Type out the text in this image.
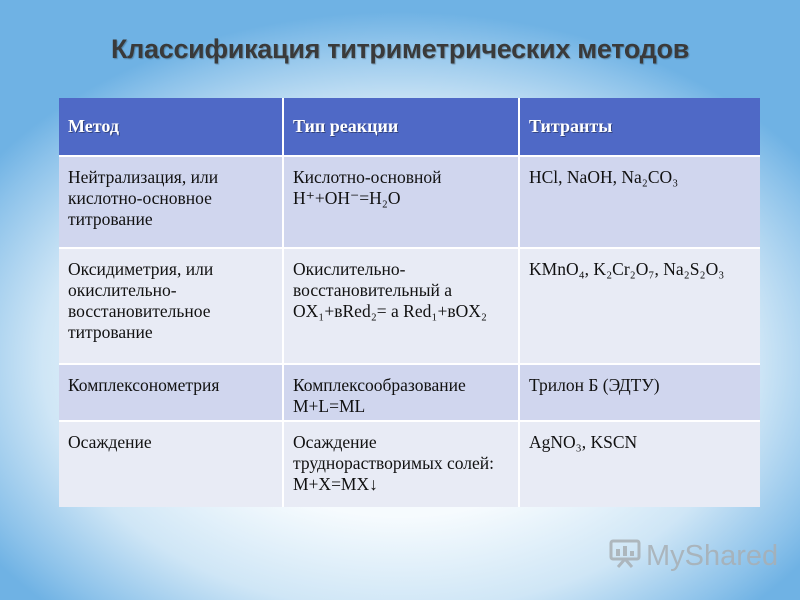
Классификация титриметрических методов
Метод	Тип реакции	Титранты
Нейтрализация, или кислотно-основное титрование	Кислотно-основной H⁺+OH⁻=H₂O	HCl, NaOH, Na₂CO₃
Оксидиметрия, или окислительно-восстановительное титрование	Окислительно-восстановительный a OX₁+вRed₂= a Red₁+вOX₂	KMnO₄, K₂Cr₂O₇, Na₂S₂O₃
Комплексонометрия	Комплексообразование M+L=ML	Трилон Б (ЭДТУ)
Осаждение	Осаждение труднорастворимых солей: M+X=MX↓	AgNO₃, KSCN
MyShared
